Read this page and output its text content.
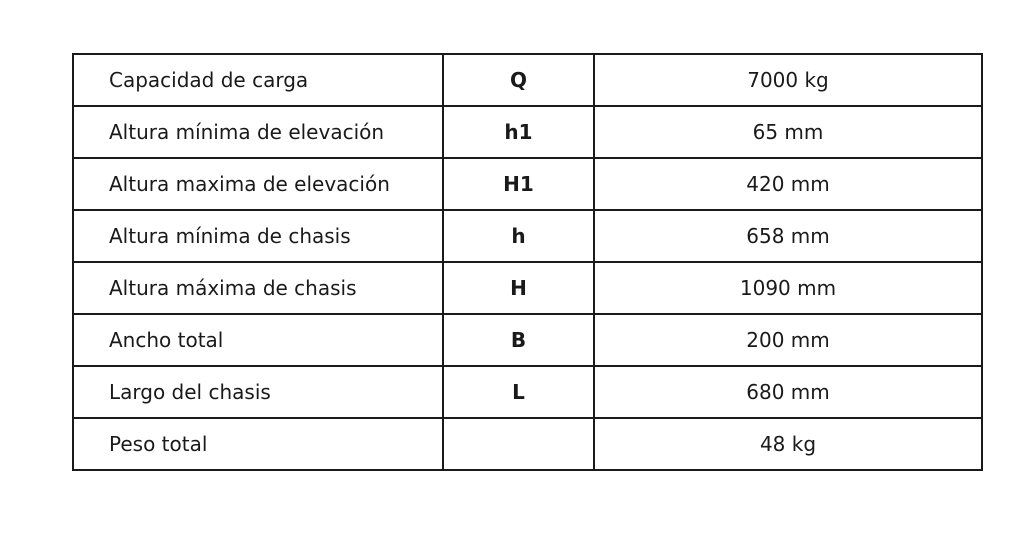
Capacidad de carga	Q	7000 kg
Altura mínima de elevación	h1	65 mm
Altura maxima de elevación	H1	420 mm
Altura mínima de chasis	h	658 mm
Altura máxima de chasis	H	1090 mm
Ancho total	B	200 mm
Largo del chasis	L	680 mm
Peso total		48 kg
